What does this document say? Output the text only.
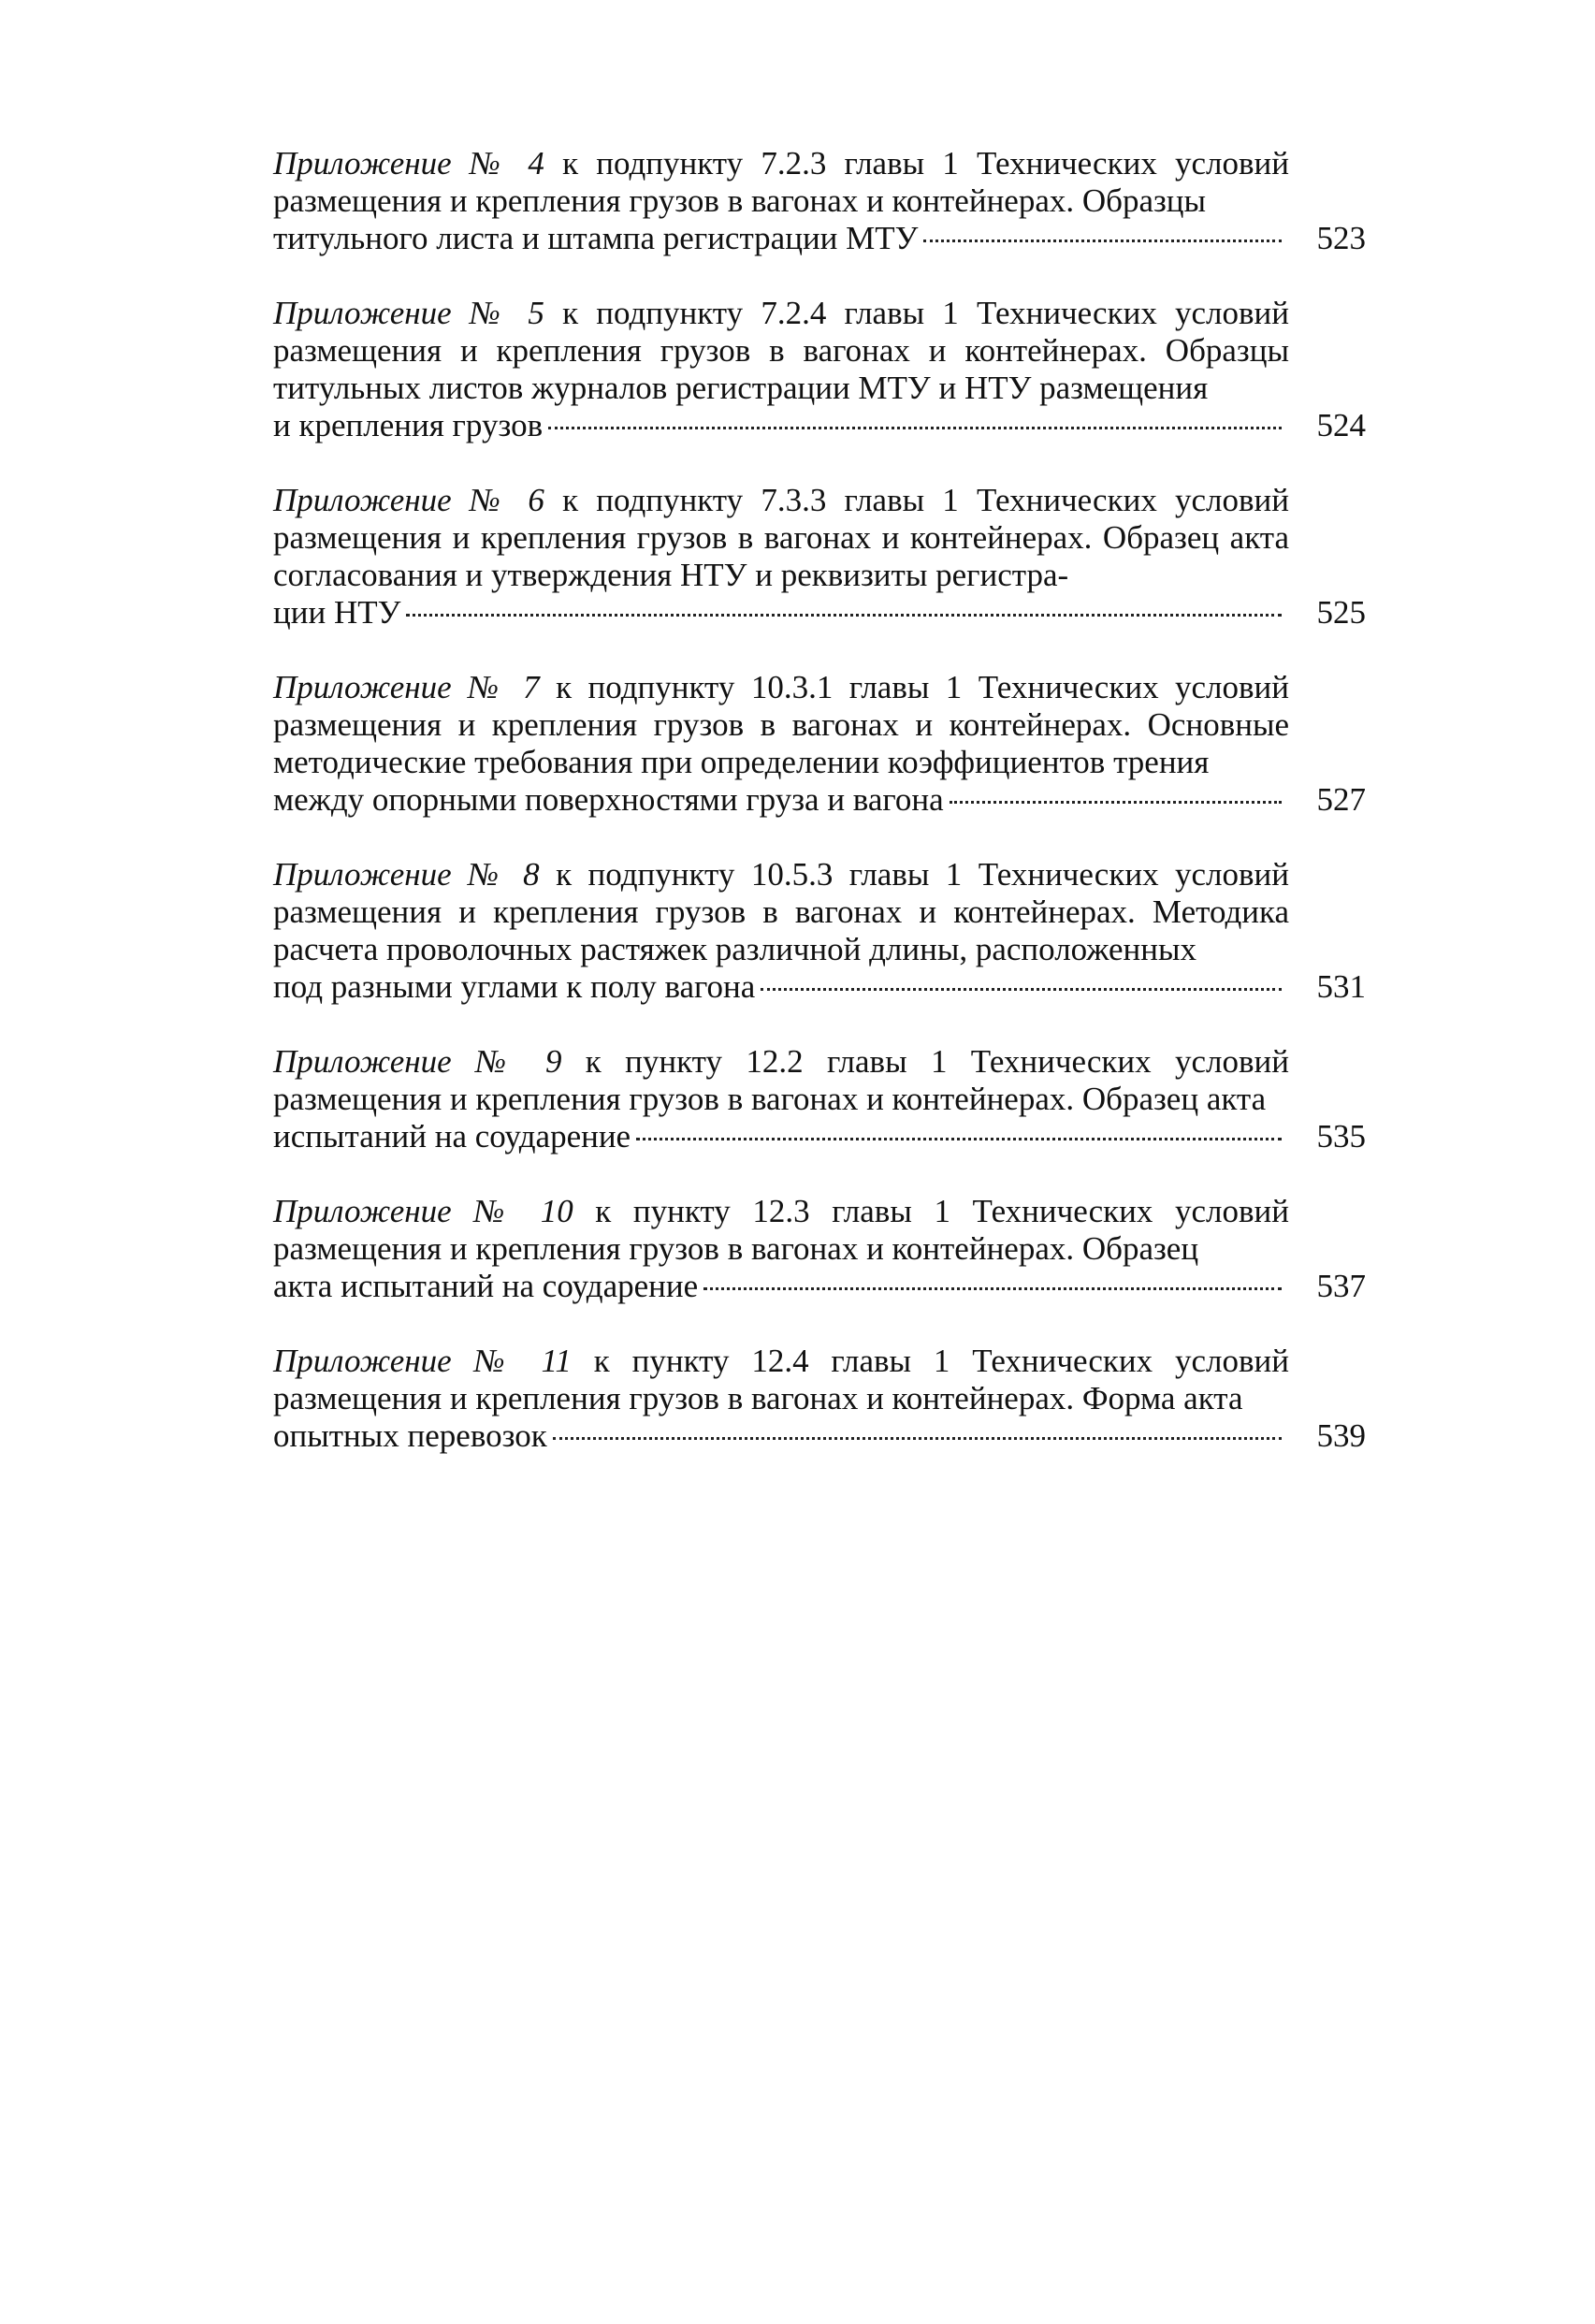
Приложение № 4 к подпункту 7.2.3 главы 1 Технических условий размещения и крепления грузов в вагонах и контейнерах. Образцы
титульного листа и штампа регистрации МТУ	523
Приложение № 5 к подпункту 7.2.4 главы 1 Технических условий размещения и крепления грузов в вагонах и контейнерах. Образцы титульных листов журналов регистрации МТУ и НТУ размещения
и крепления грузов	524
Приложение № 6 к подпункту 7.3.3 главы 1 Технических условий размещения и крепления грузов в вагонах и контейнерах. Образец акта согласования и утверждения НТУ и реквизиты регистра-
ции НТУ	525
Приложение № 7 к подпункту 10.3.1 главы 1 Технических условий размещения и крепления грузов в вагонах и контейнерах. Основные методические требования при определении коэффициентов трения
между опорными поверхностями груза и вагона	527
Приложение № 8 к подпункту 10.5.3 главы 1 Технических условий размещения и крепления грузов в вагонах и контейнерах. Методика расчета проволочных растяжек различной длины, расположенных
под разными углами к полу вагона	531
Приложение № 9 к пункту 12.2 главы 1 Технических условий размещения и крепления грузов в вагонах и контейнерах. Образец акта
испытаний на соударение	535
Приложение № 10 к пункту 12.3 главы 1 Технических условий размещения и крепления грузов в вагонах и контейнерах. Образец
акта испытаний на соударение	537
Приложение № 11 к пункту 12.4 главы 1 Технических условий размещения и крепления грузов в вагонах и контейнерах. Форма акта
опытных перевозок	539
